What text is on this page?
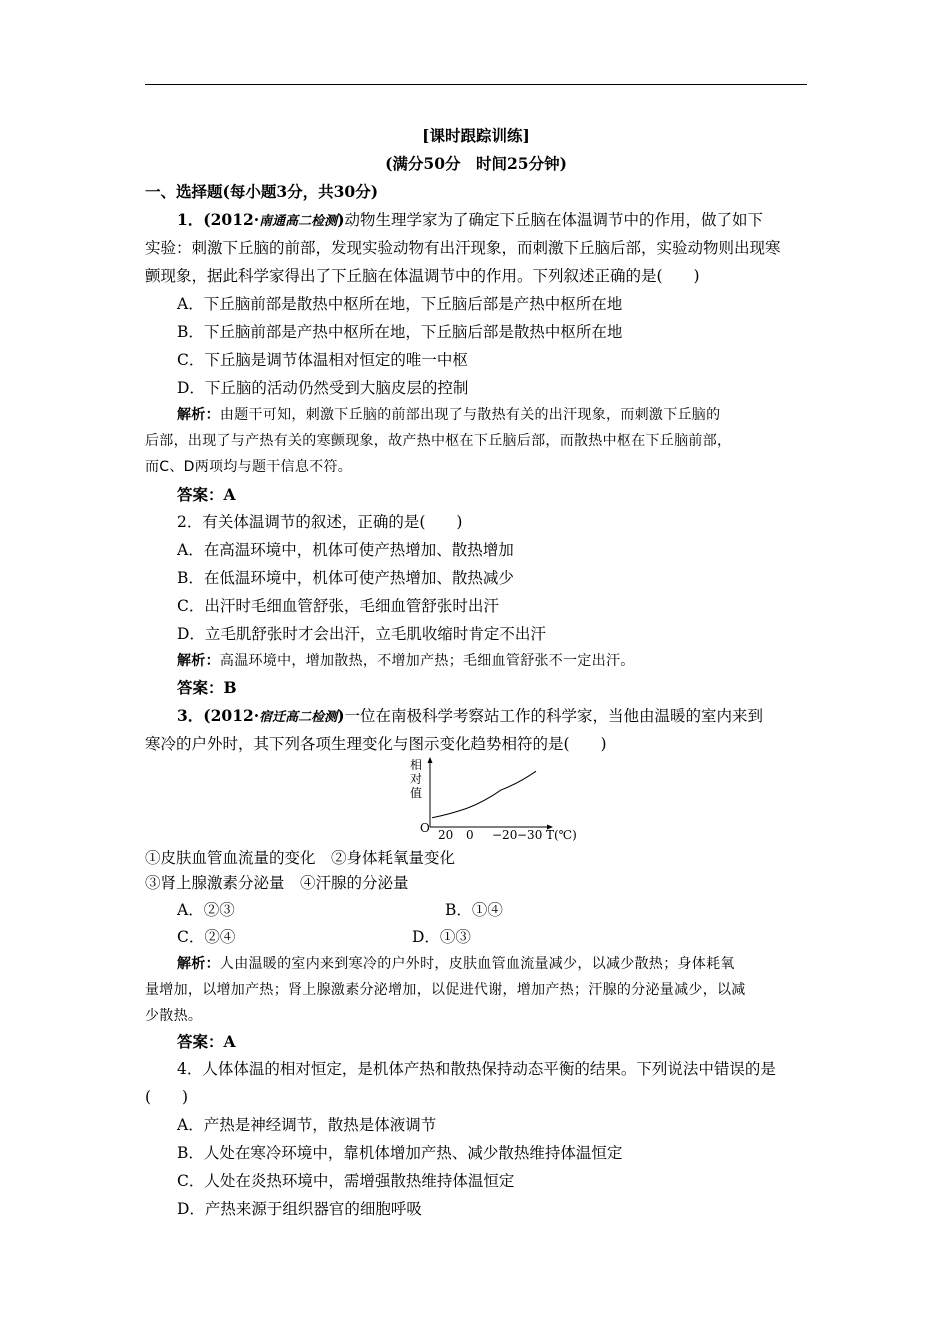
[课时跟踪训练]
(满分50分　时间25分钟)
一、选择题(每小题3分，共30分)
1．(2012·南通高二检测)动物生理学家为了确定下丘脑在体温调节中的作用，做了如下
实验：刺激下丘脑的前部，发现实验动物有出汗现象，而刺激下丘脑后部，实验动物则出现寒
颤现象，据此科学家得出了下丘脑在体温调节中的作用。下列叙述正确的是(　　)
A．下丘脑前部是散热中枢所在地，下丘脑后部是产热中枢所在地
B．下丘脑前部是产热中枢所在地，下丘脑后部是散热中枢所在地
C．下丘脑是调节体温相对恒定的唯一中枢
D．下丘脑的活动仍然受到大脑皮层的控制
解析：由题干可知，刺激下丘脑的前部出现了与散热有关的出汗现象，而刺激下丘脑的
后部，出现了与产热有关的寒颤现象，故产热中枢在下丘脑后部，而散热中枢在下丘脑前部，
而C、D两项均与题干信息不符。
答案：A
2．有关体温调节的叙述，正确的是(　　)
A．在高温环境中，机体可使产热增加、散热增加
B．在低温环境中，机体可使产热增加、散热减少
C．出汗时毛细血管舒张，毛细血管舒张时出汗
D．立毛肌舒张时才会出汗，立毛肌收缩时肯定不出汗
解析：高温环境中，增加散热，不增加产热；毛细血管舒张不一定出汗。
答案：B
3．(2012·宿迁高二检测)一位在南极科学考察站工作的科学家，当他由温暖的室内来到
寒冷的户外时，其下列各项生理变化与图示变化趋势相符的是(　　)
相
对
值
O 20 0 −20 −30 T(℃)
①皮肤血管血流量的变化　②身体耗氧量变化
③肾上腺激素分泌量　④汗腺的分泌量
A．②③	B．①④
C．②④	D．①③
解析：人由温暖的室内来到寒冷的户外时，皮肤血管血流量减少，以减少散热；身体耗氧
量增加，以增加产热；肾上腺激素分泌增加，以促进代谢，增加产热；汗腺的分泌量减少，以减
少散热。
答案：A
4．人体体温的相对恒定，是机体产热和散热保持动态平衡的结果。下列说法中错误的是
(　　)
A．产热是神经调节，散热是体液调节
B．人处在寒冷环境中，靠机体增加产热、减少散热维持体温恒定
C．人处在炎热环境中，需增强散热维持体温恒定
D．产热来源于组织器官的细胞呼吸
